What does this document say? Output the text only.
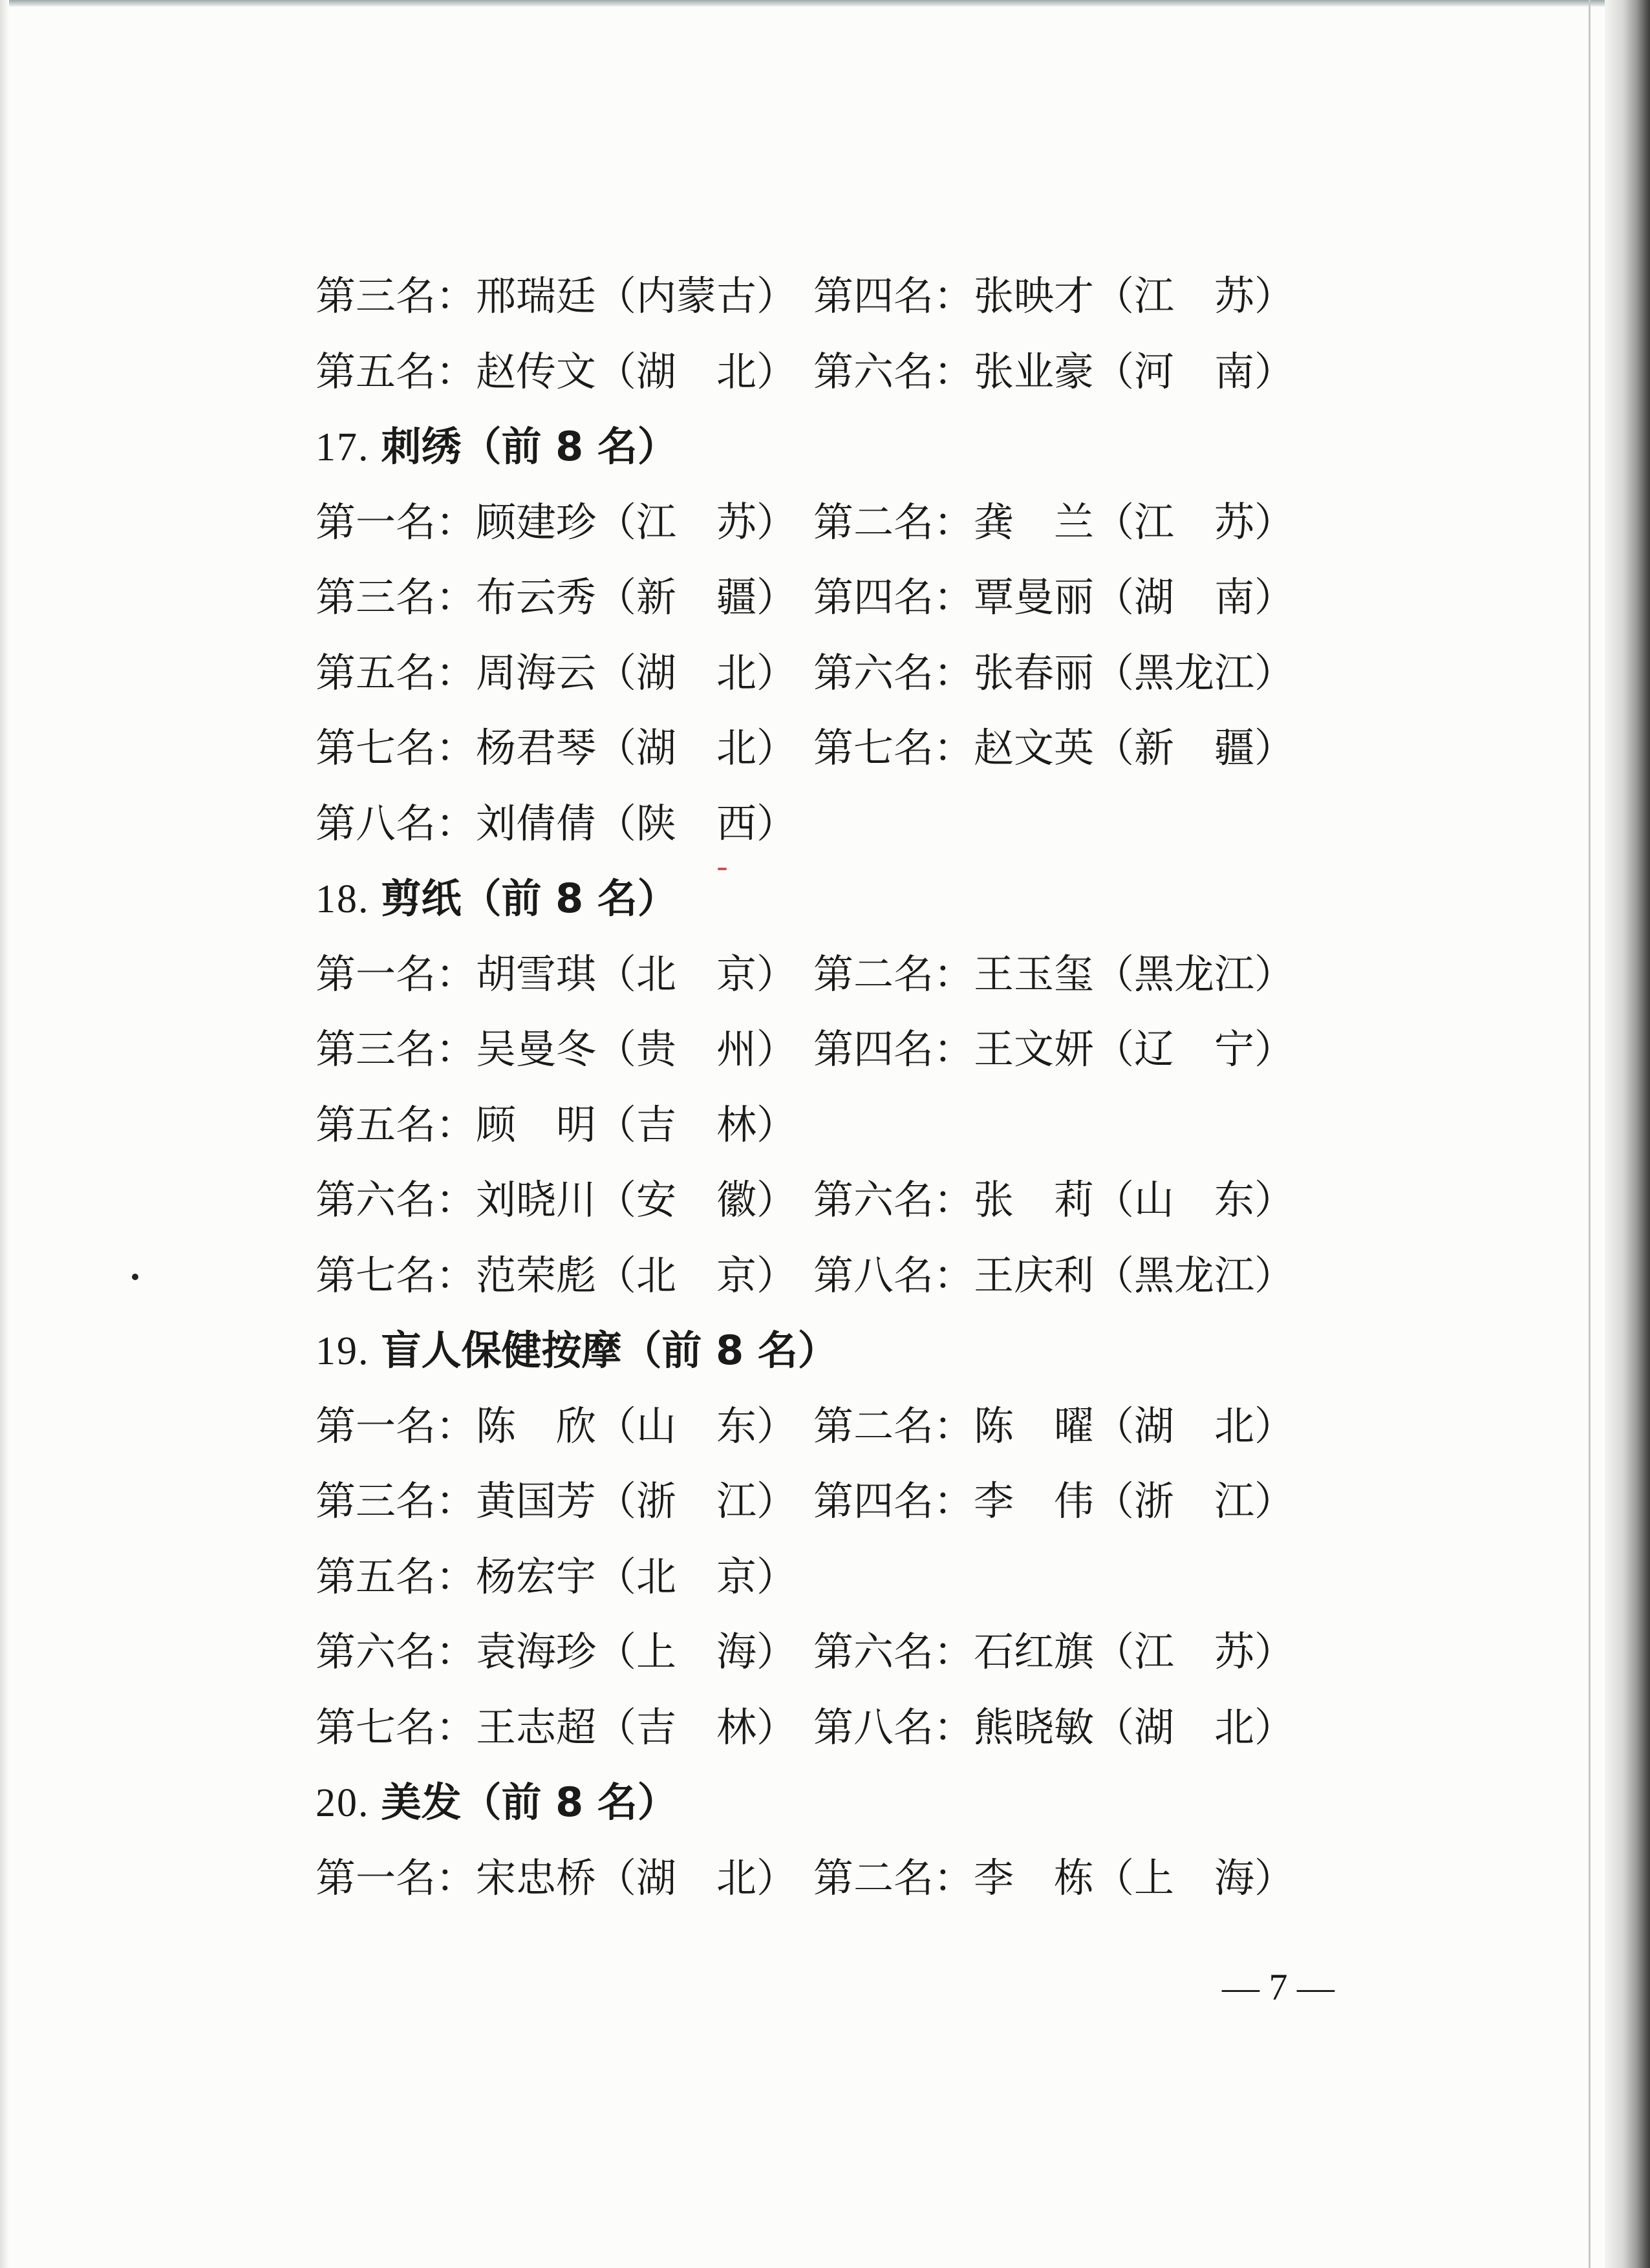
第三名：邢瑞廷（内蒙古） 第四名：张映才（江　苏）
第五名：赵传文（湖　北） 第六名：张业豪（河　南）
17. 刺绣（前 8 名）
第一名：顾建珍（江　苏） 第二名：龚　兰（江　苏）
第三名：布云秀（新　疆） 第四名：覃曼丽（湖　南）
第五名：周海云（湖　北） 第六名：张春丽（黑龙江）
第七名：杨君琴（湖　北） 第七名：赵文英（新　疆）
第八名：刘倩倩（陕　西）
18. 剪纸（前 8 名）
第一名：胡雪琪（北　京） 第二名：王玉玺（黑龙江）
第三名：吴曼冬（贵　州） 第四名：王文妍（辽　宁）
第五名：顾　明（吉　林）
第六名：刘晓川（安　徽） 第六名：张　莉（山　东）
第七名：范荣彪（北　京） 第八名：王庆利（黑龙江）
19. 盲人保健按摩（前 8 名）
第一名：陈　欣（山　东） 第二名：陈　曜（湖　北）
第三名：黄国芳（浙　江） 第四名：李　伟（浙　江）
第五名：杨宏宇（北　京）
第六名：袁海珍（上　海） 第六名：石红旗（江　苏）
第七名：王志超（吉　林） 第八名：熊晓敏（湖　北）
20. 美发（前 8 名）
第一名：宋忠桥（湖　北） 第二名：李　栋（上　海）
— 7 —
